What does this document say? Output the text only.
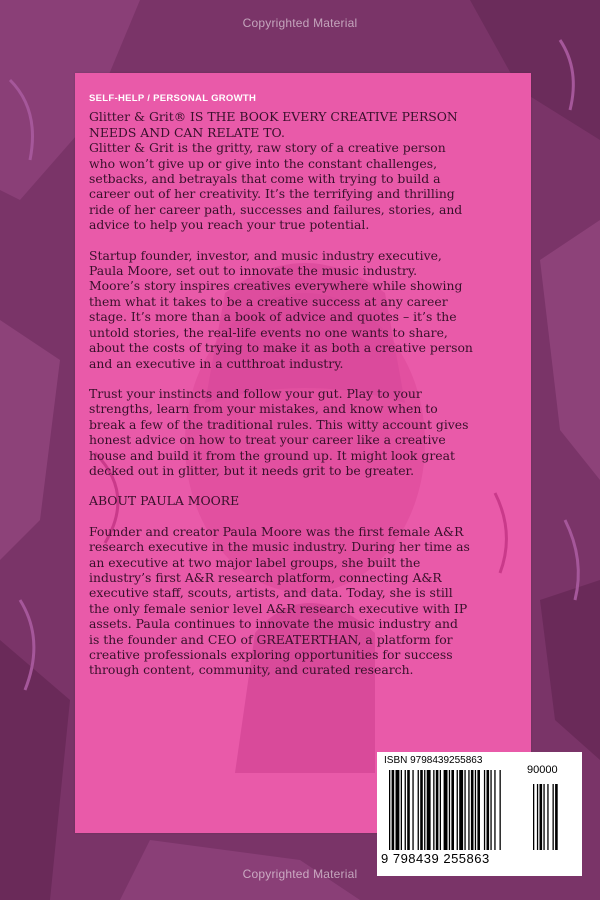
Copyrighted Material
SELF-HELP / PERSONAL GROWTH
Glitter & Grit® IS THE BOOK EVERY CREATIVE PERSON
NEEDS AND CAN RELATE TO.
Glitter & Grit is the gritty, raw story of a creative person
who won’t give up or give into the constant challenges,
setbacks, and betrayals that come with trying to build a
career out of her creativity. It’s the terrifying and thrilling
ride of her career path, successes and failures, stories, and
advice to help you reach your true potential.
Startup founder, investor, and music industry executive,
Paula Moore, set out to innovate the music industry.
Moore’s story inspires creatives everywhere while showing
them what it takes to be a creative success at any career
stage. It’s more than a book of advice and quotes – it’s the
untold stories, the real-life events no one wants to share,
about the costs of trying to make it as both a creative person
and an executive in a cutthroat industry.
Trust your instincts and follow your gut. Play to your
strengths, learn from your mistakes, and know when to
break a few of the traditional rules. This witty account gives
honest advice on how to treat your career like a creative
house and build it from the ground up. It might look great
decked out in glitter, but it needs grit to be greater.
ABOUT PAULA MOORE
Founder and creator Paula Moore was the first female A&R
research executive in the music industry. During her time as
an executive at two major label groups, she built the
industry’s first A&R research platform, connecting A&R
executive staff, scouts, artists, and data. Today, she is still
the only female senior level A&R research executive with IP
assets. Paula continues to innovate the music industry and
is the founder and CEO of GREATERTHAN, a platform for
creative professionals exploring opportunities for success
through content, community, and curated research.
ISBN 9798439255863
90000
9 798439 255863
Copyrighted Material
